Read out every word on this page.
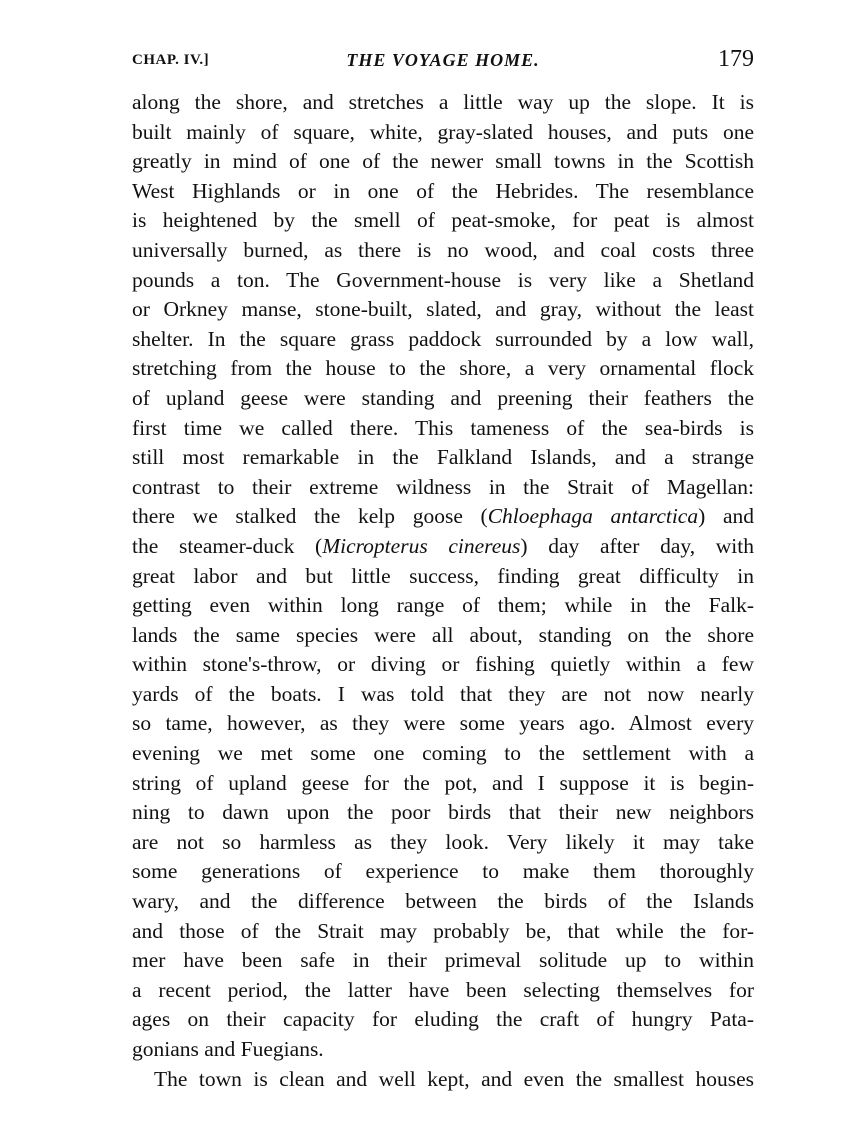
CHAP. IV.]	THE VOYAGE HOME.	179
along the shore, and stretches a little way up the slope. It is
built mainly of square, white, gray-slated houses, and puts one
greatly in mind of one of the newer small towns in the Scottish
West Highlands or in one of the Hebrides. The resemblance
is heightened by the smell of peat-smoke, for peat is almost
universally burned, as there is no wood, and coal costs three
pounds a ton. The Government-house is very like a Shetland
or Orkney manse, stone-built, slated, and gray, without the least
shelter. In the square grass paddock surrounded by a low wall,
stretching from the house to the shore, a very ornamental flock
of upland geese were standing and preening their feathers the
first time we called there. This tameness of the sea-birds is
still most remarkable in the Falkland Islands, and a strange
contrast to their extreme wildness in the Strait of Magellan:
there we stalked the kelp goose (Chloephaga antarctica) and
the steamer-duck (Micropterus cinereus) day after day, with
great labor and but little success, finding great difficulty in
getting even within long range of them; while in the Falk-
lands the same species were all about, standing on the shore
within stone's-throw, or diving or fishing quietly within a few
yards of the boats. I was told that they are not now nearly
so tame, however, as they were some years ago. Almost every
evening we met some one coming to the settlement with a
string of upland geese for the pot, and I suppose it is begin-
ning to dawn upon the poor birds that their new neighbors
are not so harmless as they look. Very likely it may take
some generations of experience to make them thoroughly
wary, and the difference between the birds of the Islands
and those of the Strait may probably be, that while the for-
mer have been safe in their primeval solitude up to within
a recent period, the latter have been selecting themselves for
ages on their capacity for eluding the craft of hungry Pata-
gonians and Fuegians.
The town is clean and well kept, and even the smallest houses
